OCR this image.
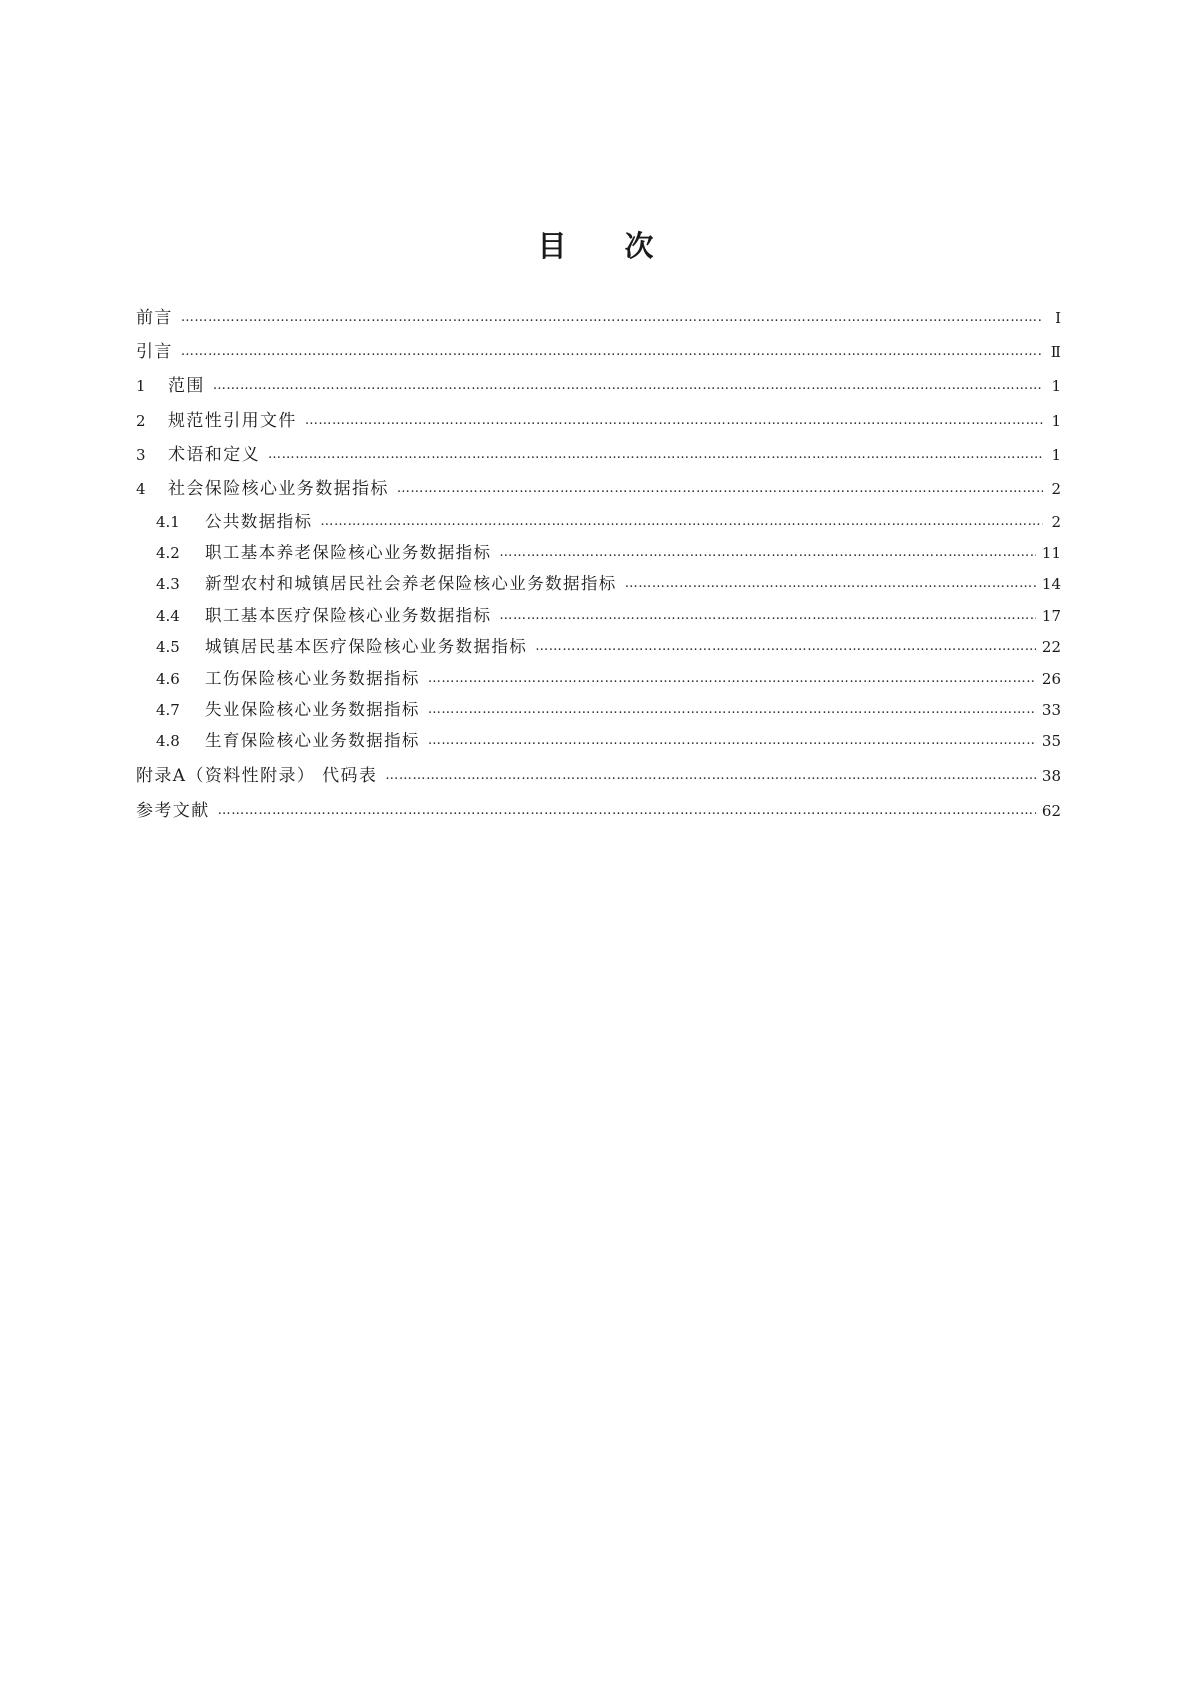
目 次
前言 ………………………………………………………………………………………………………………………………………………………………………………………………………………………………………………	Ⅰ
引言 ………………………………………………………………………………………………………………………………………………………………………………………………………………………………………………	Ⅱ
1	范围 ………………………………………………………………………………………………………………………………………………………………………………………………………………………………………………	1
2	规范性引用文件 ………………………………………………………………………………………………………………………………………………………………………………………………………………………………………………	1
3	术语和定义 ………………………………………………………………………………………………………………………………………………………………………………………………………………………………………………	1
4	社会保险核心业务数据指标 ………………………………………………………………………………………………………………………………………………………………………………………………………………………………………………	2
4.1	公共数据指标 ………………………………………………………………………………………………………………………………………………………………………………………………………………………………………………	2
4.2	职工基本养老保险核心业务数据指标 ………………………………………………………………………………………………………………………………………………………………………………………………………………………………………………	11
4.3	新型农村和城镇居民社会养老保险核心业务数据指标 ………………………………………………………………………………………………………………………………………………………………………………………………………………………………………………	14
4.4	职工基本医疗保险核心业务数据指标 ………………………………………………………………………………………………………………………………………………………………………………………………………………………………………………	17
4.5	城镇居民基本医疗保险核心业务数据指标 ………………………………………………………………………………………………………………………………………………………………………………………………………………………………………………	22
4.6	工伤保险核心业务数据指标 ………………………………………………………………………………………………………………………………………………………………………………………………………………………………………………	26
4.7	失业保险核心业务数据指标 ………………………………………………………………………………………………………………………………………………………………………………………………………………………………………………	33
4.8	生育保险核心业务数据指标 ………………………………………………………………………………………………………………………………………………………………………………………………………………………………………………	35
附录A（资料性附录） 代码表 ………………………………………………………………………………………………………………………………………………………………………………………………………………………………………………	38
参考文献 ………………………………………………………………………………………………………………………………………………………………………………………………………………………………………………	62
